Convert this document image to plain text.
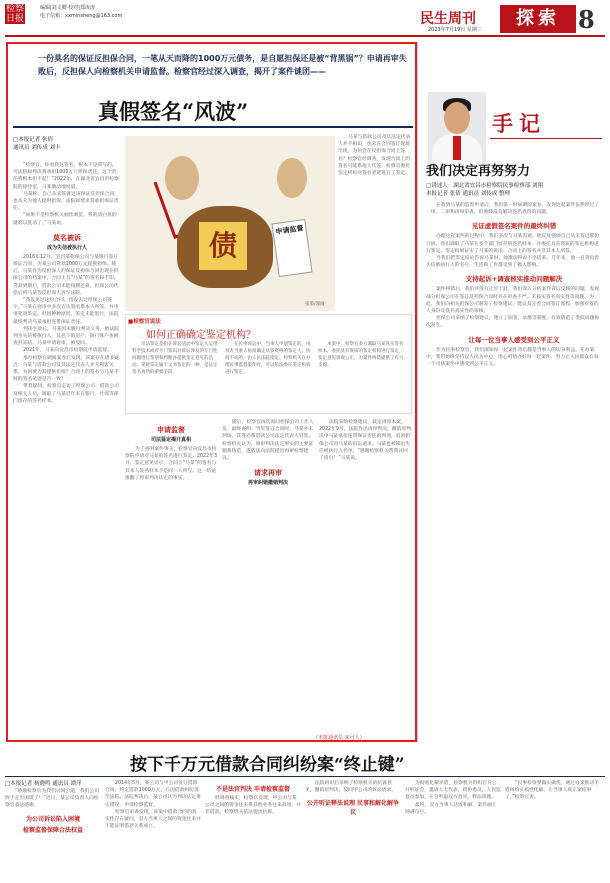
检察日报
编辑|刘文卿 校对|郑涛涛
电子信箱：xxminsheng@163.com	民生周刊
2023年7月19日 星期三
探索 8
一份莫名的保证反担保合同，一笔从天而降的1000万元债务，是自愿担保还是被“背黑锅”？申请再审失败后，反担保人向检察机关申请监督。检察官经过深入调查，揭开了案件谜团——
真假签名“风波”
□本报记者 张倩
通讯员 刘传成 刘丰

“检察官，你看我这签名，根本不是我写的，可法院却判决我承担1000万元担保责任，这个责任我根本担不起！”2022年，在湖北省宜昌市检察院的接待室，马某激动地说道。

马某称，自己从未签署过该保证反担保合同，也从未为他人提供担保，法院却要求其承担保证责任。

“如果不是检察机关抽丝剥茧，我的清白真的就难以洗清了。”马某说。

莫名被诉
成为失信被执行人

2016年12月，宜昌某担保公司与某银行签订保证合同，为某公司贷款1000万元提供担保。随后，马某作为反担保人的保证反担保合同出现在担保公司的档案中，合同上有“马某”的签名和手印。贷款到期后，借款公司未能按期还款，担保公司代偿后将马某等反担保人诉至法院。

“我没见过这份合同，也没去过担保公司签字。”马某在庭审中多次否认签名系本人所签，并申请笔迹鉴定。但因种种原因，鉴定未能进行，法院最终判决马某承担连带保证责任。

判决生效后，马某因未履行判决义务，被法院列为失信被执行人，其名下的房产、银行账户也被查封冻结。马某申请再审，被驳回。

2021年，马某向宜昌市检察院申请监督。

承办检察官调阅案卷后发现，该案存在诸多疑点：马某与借款公司及其法定代表人并无利害关系，为何要为其提供担保？合同上的签名与马某平时的签名笔迹是否一致？

带着疑问，检察官走访了担保公司、借款公司及相关人员，调取了马某近年来在银行、社保等部门留存的签名样本。

债	申请监督
张策/漫画

马某与借款公司及其法定代表人并不相识，也未在合同签订现场出现，为何会在反担保合同上签名？检察官经调查，发现合同上的签名可能系他人代签。检察官委托鉴定机构对签名笔迹进行了鉴定。

■检察官说法
如何正确确定鉴定机构？

司法鉴定是指在诉讼活动中鉴定人运用科学技术或者专门知识对诉讼涉及的专门性问题进行鉴别和判断并提供鉴定意见的活动。笔迹鉴定属于文书鉴定的一种，是认定签名真伪的重要手段。

在民事诉讼中，当事人申请鉴定的，由双方当事人协商确定具备资格的鉴定人；协商不成的，由人民法院指定。检察机关在办理民事监督案件时，可以依法委托鉴定机构进行鉴定。

本案中，检察官多方调取马某真实签名样本，委托具有资质的鉴定机构进行鉴定，鉴定意见客观公正，为案件纠错提供了有力支撑。

申请监督
司法鉴定揭开真相

为了查明案件事实，检察官向宜昌市检察院申请对马某的签名进行鉴定。2022年3月，鉴定意见显示，合同上“马某”的签名与其本人签名样本不是同一人所写。这一结论推翻了原审判决认定的事实。

随后，检察官再次询问担保公司工作人员，最终查明：当年签订合同时，马某并未到场，其签名系借款公司法定代表人冒签。检察机关认为，原审判决认定事实的主要证据系伪造，遂依法向法院提出再审检察建议。

请求再审
再审纠错撤销判决

法院采纳检察建议，裁定再审本案。2022年9月，法院作出再审判决，撤销原判决中马某承担连带保证责任的判项，驳回担保公司对马某的诉讼请求。马某也被移出失信被执行人名单。“感谢检察机关帮我讨回了清白！”马某说。

（本报通讯员 宋可人）
手记
我们决定再努努力
□讲述人：湖北省宜昌市检察院民事检察部 刘翔
本报记者 张倩 通讯员 刘传成 整理

在收到马某的监督申请后，我们第一时间调阅案卷，发现这起案件虽然经过了一审、二审和再审审查，但始终没有解决签名真伪的问题。

见证虚假签名案件的最终纠错

办理这起案件的过程中，我们多次与马某沟通。他反复强调自己从未签过那份合同。我们调取了马某在多个部门留存的签名样本，并委托具有资质的鉴定机构进行鉴定。鉴定结果证实了马某的说法：合同上的签名并非其本人所签。

当我们把鉴定结论告诉马某时，他激动得说不出话来。几年来，他一直背负着失信被执行人的名号，生活和工作都受到了极大影响。

支持起诉+调查核实推动问题解决

案件纠错后，我们并没有止步于此。我们深入分析案件背后反映的问题，发现部分担保公司在签订反担保合同时存在审查不严、未核实签名真实性等问题。为此，我们向相关担保公司制发了检察建议，建议其完善合同签订流程，加强对签约人身份及签名真实性的审核。

担保公司采纳了检察建议，建立了面签、录像等制度，有效防范了类似问题再次发生。

让每一位当事人感受到公平正义

作为民事检察官，我们深知每一起案件背后都是当事人的切身利益。在办案中，我们始终坚持以人民为中心，用心用情办好每一起案件，努力让人民群众在每一个司法案件中感受到公平正义。

按下千万元借款合同纠纷案“终止键”
□本报记者 杨晓鸣 通讯员 谭洋

“感谢检察官为我们讨回公道，我们公司终于走出困境了！”近日，某公司负责人向检察官表达感谢。

为公司诉讼陷入困境
检察监督保障合法权益

2014年5月，某公司与甲公司签订借款合同，约定借款1000万元，后因借款纠纷诉至法院。法院判决后，某公司认为判决认定事实错误，申请检察监督。

检察官审查发现，该案中借款合同的真实性存在疑问，双方当事人之间的资金往来并不能证明借款关系成立。

不是法官判决 申请检察监督

经调查核实，检察官发现，甲公司与某公司之间的资金往来系其他业务往来款项，并非借款。检察机关依法提出抗诉。

法院再审后采纳了检察机关的抗诉意见，撤销原判决，驳回甲公司的诉讼请求。

公开听证释法说理 民事和解化解争议

为彻底化解矛盾，检察机关组织召开公开听证会，邀请人大代表、政协委员、人民监督员参加，充分听取双方意见，释法说理。

最终，双方当事人达成和解，案件画上圆满句号。

“民事检察要做实做优，通过办案推动矛盾纠纷实质性化解，让当事人真正案结事了。”检察官说。
